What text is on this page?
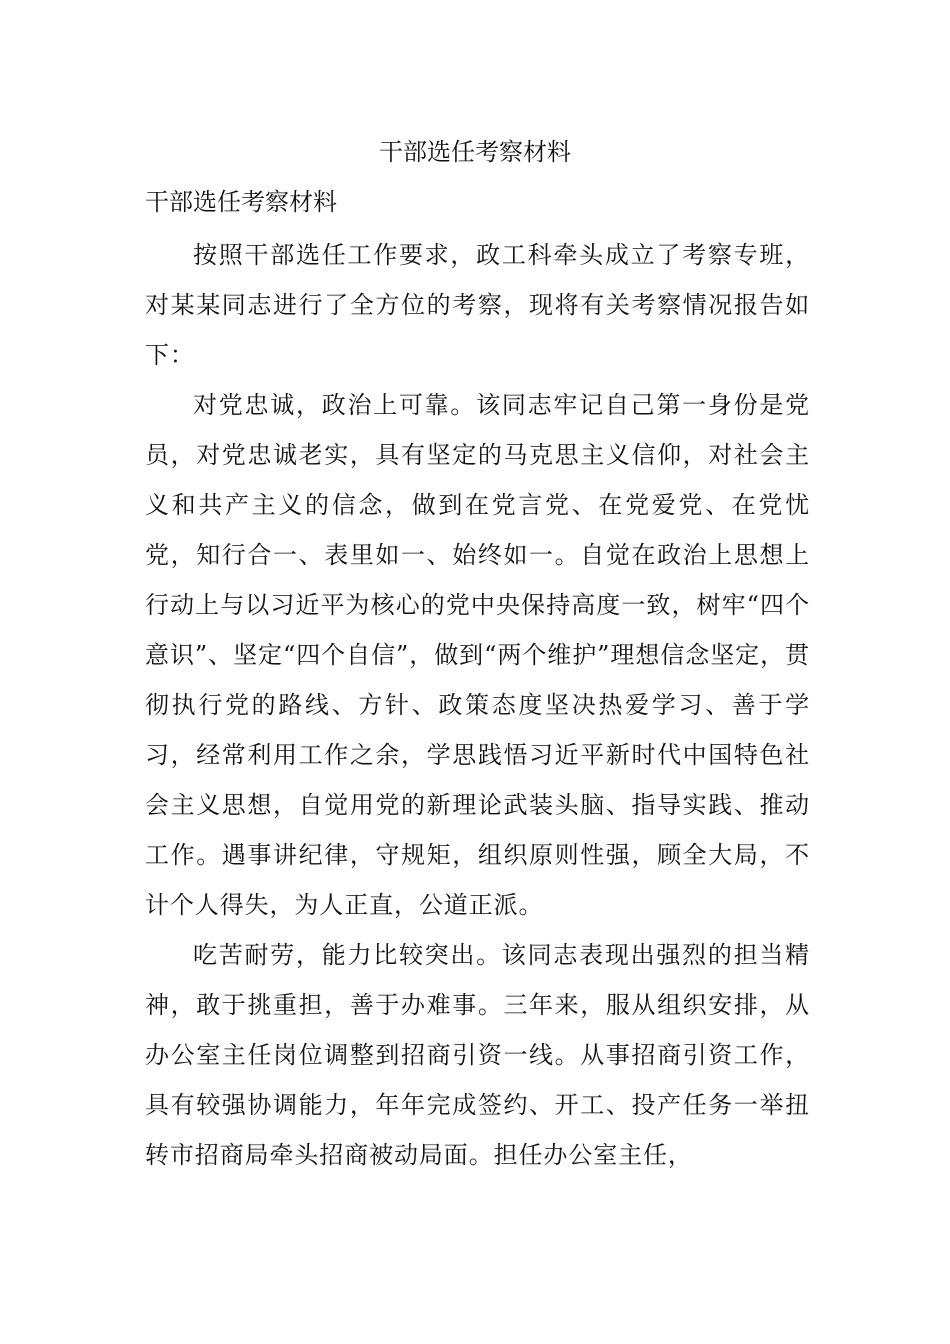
干部选任考察材料

干部选任考察材料

按照干部选任工作要求，政工科牵头成立了考察专班，对某某同志进行了全方位的考察，现将有关考察情况报告如下：

对党忠诚，政治上可靠。该同志牢记自己第一身份是党员，对党忠诚老实，具有坚定的马克思主义信仰，对社会主义和共产主义的信念，做到在党言党、在党爱党、在党忧党，知行合一、表里如一、始终如一。自觉在政治上思想上行动上与以习近平为核心的党中央保持高度一致，树牢“四个意识”、坚定“四个自信”，做到“两个维护”理想信念坚定，贯彻执行党的路线、方针、政策态度坚决热爱学习、善于学习，经常利用工作之余，学思践悟习近平新时代中国特色社会主义思想，自觉用党的新理论武装头脑、指导实践、推动工作。遇事讲纪律，守规矩，组织原则性强，顾全大局，不计个人得失，为人正直，公道正派。

吃苦耐劳，能力比较突出。该同志表现出强烈的担当精神，敢于挑重担，善于办难事。三年来，服从组织安排，从办公室主任岗位调整到招商引资一线。从事招商引资工作，具有较强协调能力，年年完成签约、开工、投产任务一举扭转市招商局牵头招商被动局面。担任办公室主任，
